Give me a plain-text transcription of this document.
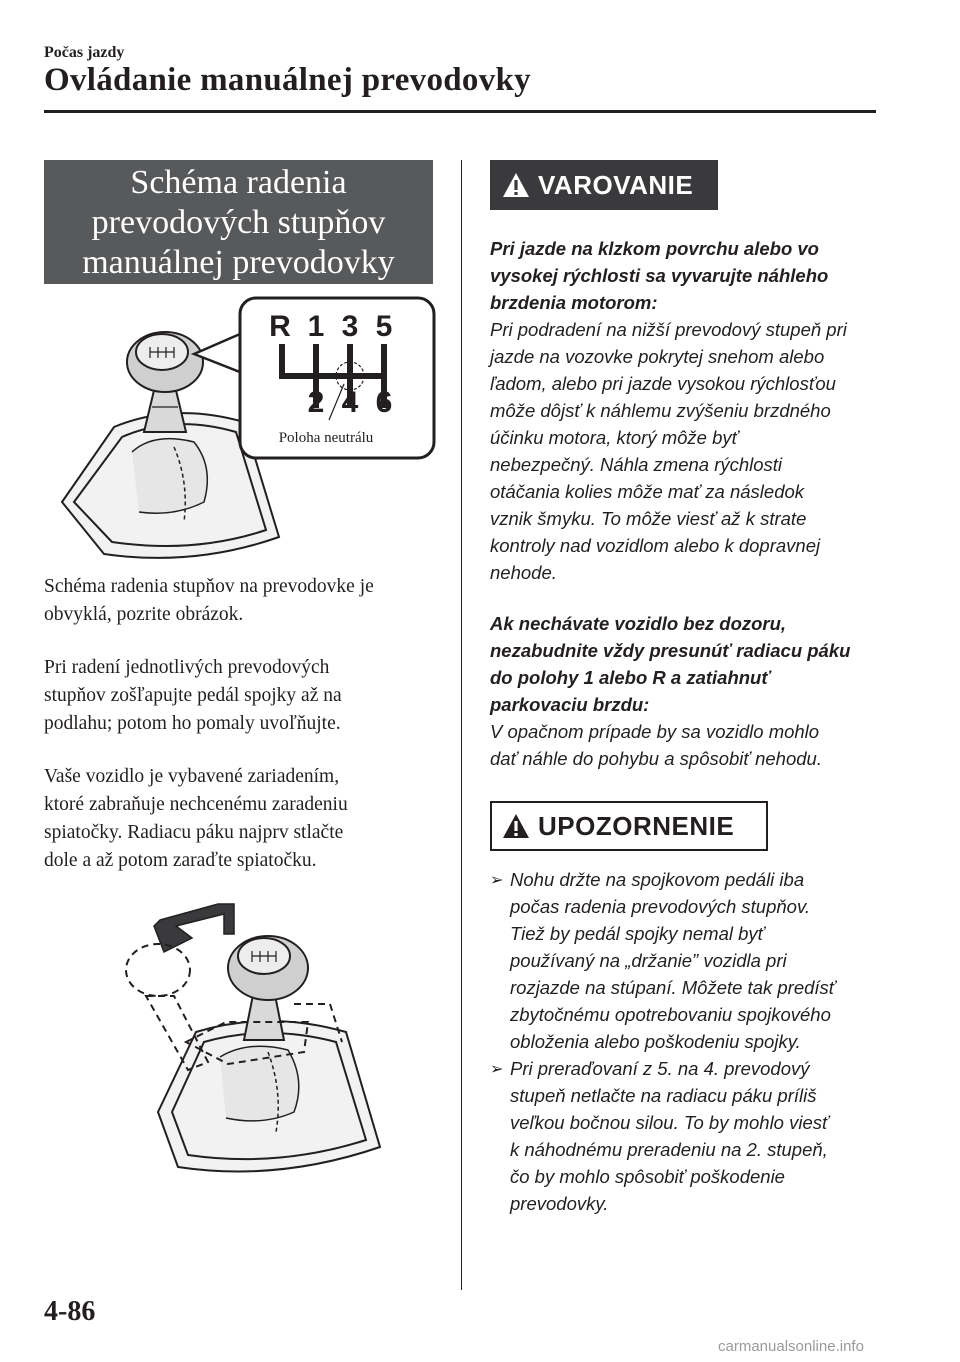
Počas jazdy
Ovládanie manuálnej prevodovky
Schéma radenia
prevodových stupňov
manuálnej prevodovky
R 1 3 5
2 4 6
Poloha neutrálu
Schéma radenia stupňov na prevodovke je
obvyklá, pozrite obrázok.
Pri radení jednotlivých prevodových
stupňov zošľapujte pedál spojky až na
podlahu; potom ho pomaly uvoľňujte.
Vaše vozidlo je vybavené zariadením,
ktoré zabraňuje nechcenému zaradeniu
spiatočky. Radiacu páku najprv stlačte
dole a až potom zaraďte spiatočku.
VAROVANIE
Pri jazde na klzkom povrchu alebo vo
vysokej rýchlosti sa vyvarujte náhleho
brzdenia motorom:
Pri podradení na nižší prevodový stupeň pri
jazde na vozovke pokrytej snehom alebo
ľadom, alebo pri jazde vysokou rýchlosťou
môže dôjsť k náhlemu zvýšeniu brzdného
účinku motora, ktorý môže byť
nebezpečný. Náhla zmena rýchlosti
otáčania kolies môže mať za následok
vznik šmyku. To môže viesť až k strate
kontroly nad vozidlom alebo k dopravnej
nehode.
Ak nechávate vozidlo bez dozoru,
nezabudnite vždy presunúť radiacu páku
do polohy 1 alebo R a zatiahnuť
parkovaciu brzdu:
V opačnom prípade by sa vozidlo mohlo
dať náhle do pohybu a spôsobiť nehodu.
UPOZORNENIE
➢ Nohu držte na spojkovom pedáli iba
počas radenia prevodových stupňov.
Tiež by pedál spojky nemal byť
používaný na „držanie” vozidla pri
rozjazde na stúpaní. Môžete tak predísť
zbytočnému opotrebovaniu spojkového
obloženia alebo poškodeniu spojky.
➢ Pri preraďovaní z 5. na 4. prevodový
stupeň netlačte na radiacu páku príliš
veľkou bočnou silou. To by mohlo viesť
k náhodnému preradeniu na 2. stupeň,
čo by mohlo spôsobiť poškodenie
prevodovky.
4-86
carmanualsonline.info
